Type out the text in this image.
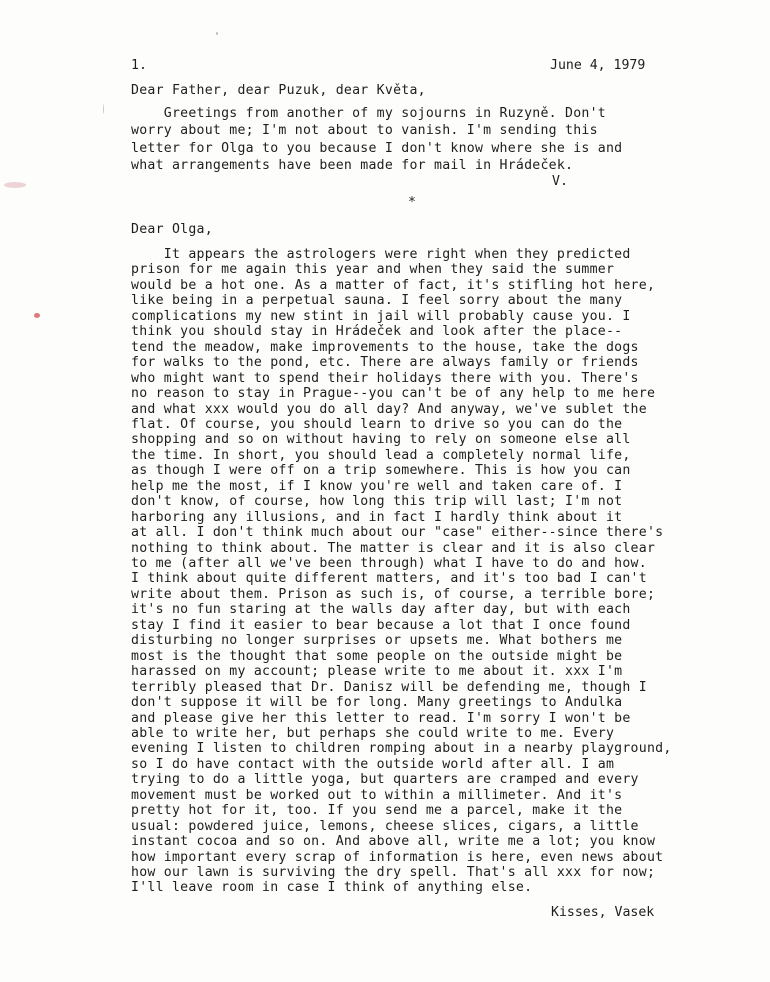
1.	June 4, 1979
Dear Father, dear Puzuk, dear Květa,
Greetings from another of my sojourns in Ruzyně. Don't
worry about me; I'm not about to vanish. I'm sending this
letter for Olga to you because I don't know where she is and
what arrangements have been made for mail in Hrádeček.
V.
*
Dear Olga,
It appears the astrologers were right when they predicted
prison for me again this year and when they said the summer
would be a hot one. As a matter of fact, it's stifling hot here,
like being in a perpetual sauna. I feel sorry about the many
complications my new stint in jail will probably cause you. I
think you should stay in Hrádeček and look after the place--
tend the meadow, make improvements to the house, take the dogs
for walks to the pond, etc. There are always family or friends
who might want to spend their holidays there with you. There's
no reason to stay in Prague--you can't be of any help to me here
and what xxx would you do all day? And anyway, we've sublet the
flat. Of course, you should learn to drive so you can do the
shopping and so on without having to rely on someone else all
the time. In short, you should lead a completely normal life,
as though I were off on a trip somewhere. This is how you can
help me the most, if I know you're well and taken care of. I
don't know, of course, how long this trip will last; I'm not
harboring any illusions, and in fact I hardly think about it
at all. I don't think much about our "case" either--since there's
nothing to think about. The matter is clear and it is also clear
to me (after all we've been through) what I have to do and how.
I think about quite different matters, and it's too bad I can't
write about them. Prison as such is, of course, a terrible bore;
it's no fun staring at the walls day after day, but with each
stay I find it easier to bear because a lot that I once found
disturbing no longer surprises or upsets me. What bothers me
most is the thought that some people on the outside might be
harassed on my account; please write to me about it. xxx I'm
terribly pleased that Dr. Danisz will be defending me, though I
don't suppose it will be for long. Many greetings to Andulka
and please give her this letter to read. I'm sorry I won't be
able to write her, but perhaps she could write to me. Every
evening I listen to children romping about in a nearby playground,
so I do have contact with the outside world after all. I am
trying to do a little yoga, but quarters are cramped and every
movement must be worked out to within a millimeter. And it's
pretty hot for it, too. If you send me a parcel, make it the
usual: powdered juice, lemons, cheese slices, cigars, a little
instant cocoa and so on. And above all, write me a lot; you know
how important every scrap of information is here, even news about
how our lawn is surviving the dry spell. That's all xxx for now;
I'll leave room in case I think of anything else.
Kisses, Vasek
